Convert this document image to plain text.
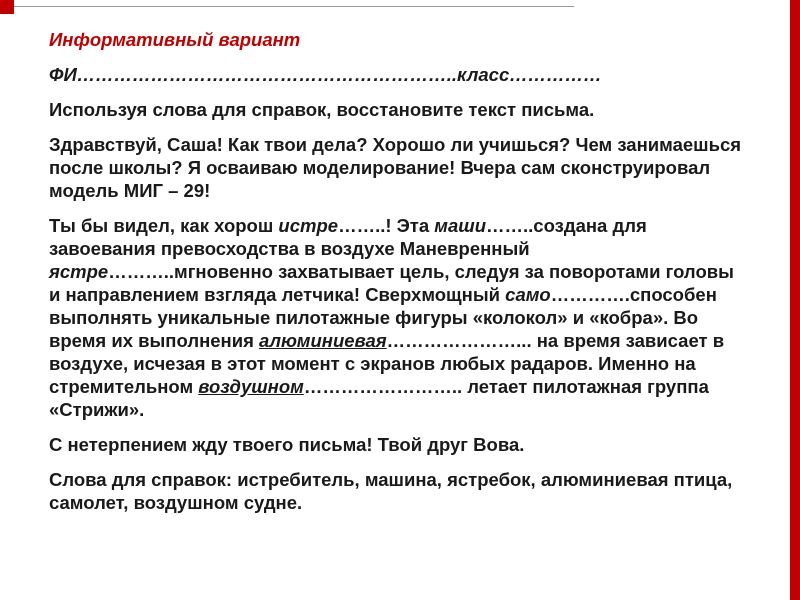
Информативный вариант

ФИ……………………………………………………..класс……………

Используя слова для справок, восстановите текст письма.

Здравствуй, Саша! Как твои дела? Хорошо ли учишься? Чем занимаешься после школы? Я осваиваю моделирование! Вчера сам сконструировал модель МИГ – 29!

Ты бы видел, как хорош истре……..! Эта маши……..создана для завоевания превосходства в воздухе Маневренный ястре………..мгновенно захватывает цель, следуя за поворотами головы и направлением взгляда летчика! Сверхмощный само………….способен выполнять уникальные пилотажные фигуры «колокол» и «кобра». Во время их выполнения алюминиевая…………………... на время зависает в воздухе, исчезая в этот момент с экранов любых радаров. Именно на стремительном воздушном…………………….. летает пилотажная группа «Стрижи».

С нетерпением жду твоего письма! Твой друг Вова.

Слова для справок: истребитель, машина, ястребок, алюминиевая птица, самолет, воздушном судне.
